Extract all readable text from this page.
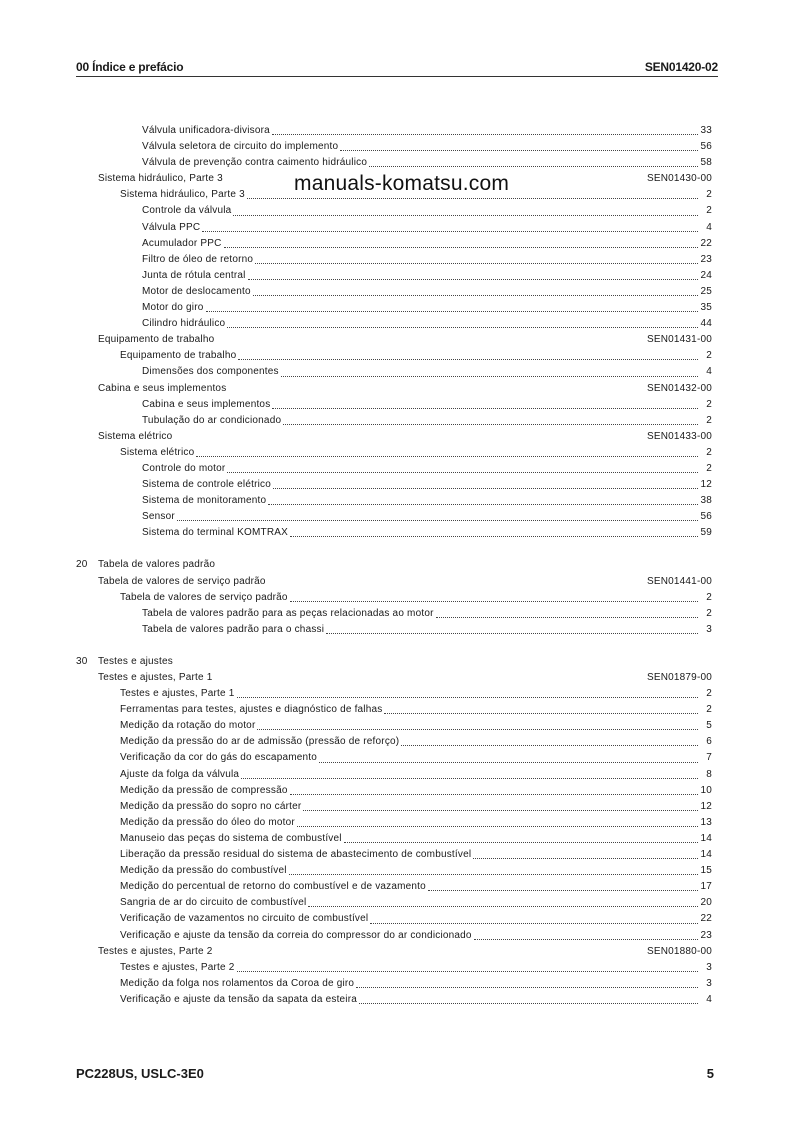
00 Índice e prefácio	SEN01420-02
Válvula unificadora-divisora	33
Válvula seletora de circuito do implemento	56
Válvula de prevenção contra caimento hidráulico	58
Sistema hidráulico, Parte 3	SEN01430-00
Sistema hidráulico, Parte 3	2
Controle da válvula	2
Válvula PPC	4
Acumulador PPC	22
Filtro de óleo de retorno	23
Junta de rótula central	24
Motor de deslocamento	25
Motor do giro	35
Cilindro hidráulico	44
Equipamento de trabalho	SEN01431-00
Equipamento de trabalho	2
Dimensões dos componentes	4
Cabina e seus implementos	SEN01432-00
Cabina e seus implementos	2
Tubulação do ar condicionado	2
Sistema elétrico	SEN01433-00
Sistema elétrico	2
Controle do motor	2
Sistema de controle elétrico	12
Sistema de monitoramento	38
Sensor	56
Sistema do terminal KOMTRAX	59
20 Tabela de valores padrão
Tabela de valores de serviço padrão	SEN01441-00
Tabela de valores de serviço padrão	2
Tabela de valores padrão para as peças relacionadas ao motor	2
Tabela de valores padrão para o chassi	3
30 Testes e ajustes
Testes e ajustes, Parte 1	SEN01879-00
Testes e ajustes, Parte 1	2
Ferramentas para testes, ajustes e diagnóstico de falhas	2
Medição da rotação do motor	5
Medição da pressão do ar de admissão (pressão de reforço)	6
Verificação da cor do gás do escapamento	7
Ajuste da folga da válvula	8
Medição da pressão de compressão	10
Medição da pressão do sopro no cárter	12
Medição da pressão do óleo do motor	13
Manuseio das peças do sistema de combustível	14
Liberação da pressão residual do sistema de abastecimento de combustível	14
Medição da pressão do combustível	15
Medição do percentual de retorno do combustível e de vazamento	17
Sangria de ar do circuito de combustível	20
Verificação de vazamentos no circuito de combustível	22
Verificação e ajuste da tensão da correia do compressor do ar condicionado	23
Testes e ajustes, Parte 2	SEN01880-00
Testes e ajustes, Parte 2	3
Medição da folga nos rolamentos da Coroa de giro	3
Verificação e ajuste da tensão da sapata da esteira	4
manuals-komatsu.com
PC228US, USLC-3E0	5
